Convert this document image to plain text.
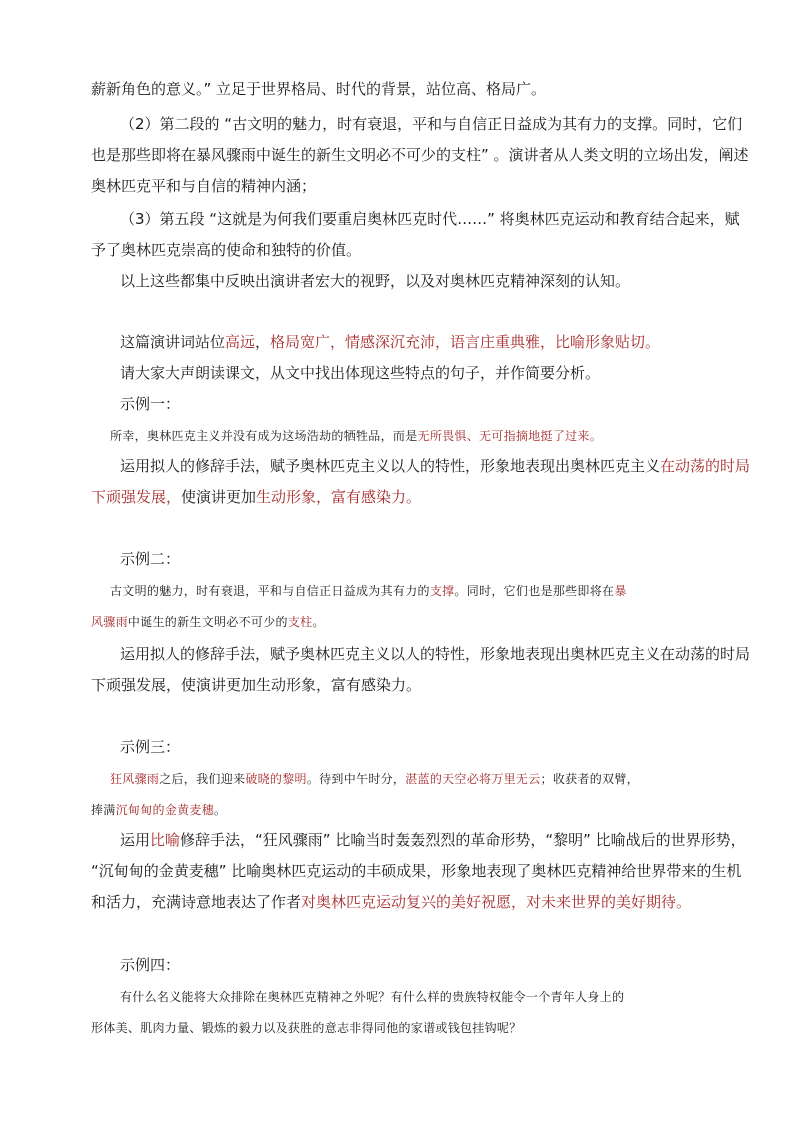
薪新角色的意义。” 立足于世界格局、时代的背景，站位高、格局广。
（2）第二段的 “古文明的魅力，时有衰退，平和与自信正日益成为其有力的支撑。同时，它们
也是那些即将在暴风骤雨中诞生的新生文明必不可少的支柱” 。演讲者从人类文明的立场出发，阐述
奥林匹克平和与自信的精神内涵；
（3）第五段 “这就是为何我们要重启奥林匹克时代……” 将奥林匹克运动和教育结合起来，赋
予了奥林匹克崇高的使命和独特的价值。
以上这些都集中反映出演讲者宏大的视野，以及对奥林匹克精神深刻的认知。
这篇演讲词站位高远，格局宽广，情感深沉充沛，语言庄重典雅，比喻形象贴切。
请大家大声朗读课文，从文中找出体现这些特点的句子，并作简要分析。
示例一：
所幸，奥林匹克主义并没有成为这场浩劫的牺牲品，而是无所畏惧、无可指摘地挺了过来。
运用拟人的修辞手法，赋予奥林匹克主义以人的特性，形象地表现出奥林匹克主义在动荡的时局
下顽强发展，使演讲更加生动形象，富有感染力。
示例二：
古文明的魅力，时有衰退，平和与自信正日益成为其有力的支撑。同时，它们也是那些即将在暴
风骤雨中诞生的新生文明必不可少的支柱。
运用拟人的修辞手法，赋予奥林匹克主义以人的特性，形象地表现出奥林匹克主义在动荡的时局
下顽强发展，使演讲更加生动形象，富有感染力。
示例三：
狂风骤雨之后，我们迎来破晓的黎明。待到中午时分，湛蓝的天空必将万里无云；收获者的双臂，
捧满沉甸甸的金黄麦穗。
运用比喻修辞手法，“狂风骤雨” 比喻当时轰轰烈烈的革命形势，“黎明” 比喻战后的世界形势，
“沉甸甸的金黄麦穗” 比喻奥林匹克运动的丰硕成果，形象地表现了奥林匹克精神给世界带来的生机
和活力，充满诗意地表达了作者对奥林匹克运动复兴的美好祝愿，对未来世界的美好期待。
示例四：
有什么名义能将大众排除在奥林匹克精神之外呢？有什么样的贵族特权能令一个青年人身上的
形体美、肌肉力量、锻炼的毅力以及获胜的意志非得同他的家谱或钱包挂钩呢？
